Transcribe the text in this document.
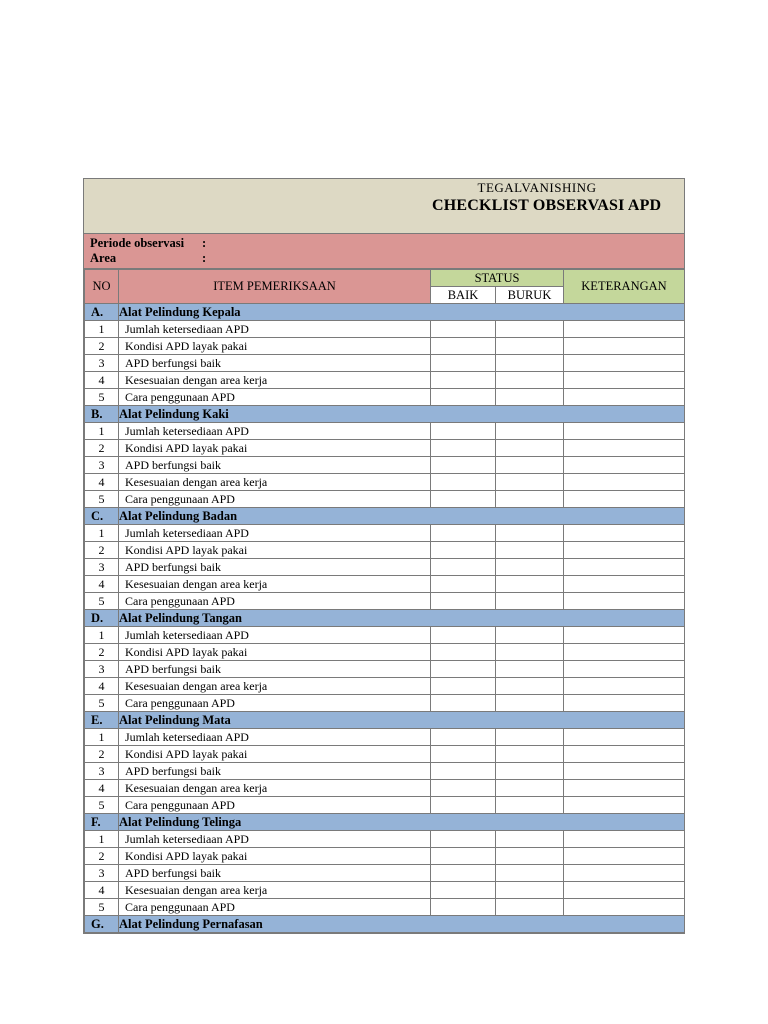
TEGALVANISHING
CHECKLIST OBSERVASI APD
Periode observasi :
Area	:
NO	ITEM PEMERIKSAAN	STATUS		KETERANGAN
		BAIK	BURUK	
A.	Alat Pelindung Kepala			
1	Jumlah ketersediaan APD			
2	Kondisi APD layak pakai			
3	APD berfungsi baik			
4	Kesesuaian dengan area kerja			
5	Cara penggunaan APD			
B.	Alat Pelindung Kaki			
1	Jumlah ketersediaan APD			
2	Kondisi APD layak pakai			
3	APD berfungsi baik			
4	Kesesuaian dengan area kerja			
5	Cara penggunaan APD			
C.	Alat Pelindung Badan			
1	Jumlah ketersediaan APD			
2	Kondisi APD layak pakai			
3	APD berfungsi baik			
4	Kesesuaian dengan area kerja			
5	Cara penggunaan APD			
D.	Alat Pelindung Tangan			
1	Jumlah ketersediaan APD			
2	Kondisi APD layak pakai			
3	APD berfungsi baik			
4	Kesesuaian dengan area kerja			
5	Cara penggunaan APD			
E.	Alat Pelindung Mata			
1	Jumlah ketersediaan APD			
2	Kondisi APD layak pakai			
3	APD berfungsi baik			
4	Kesesuaian dengan area kerja			
5	Cara penggunaan APD			
F.	Alat Pelindung Telinga			
1	Jumlah ketersediaan APD			
2	Kondisi APD layak pakai			
3	APD berfungsi baik			
4	Kesesuaian dengan area kerja			
5	Cara penggunaan APD			
G.	Alat Pelindung Pernafasan			
